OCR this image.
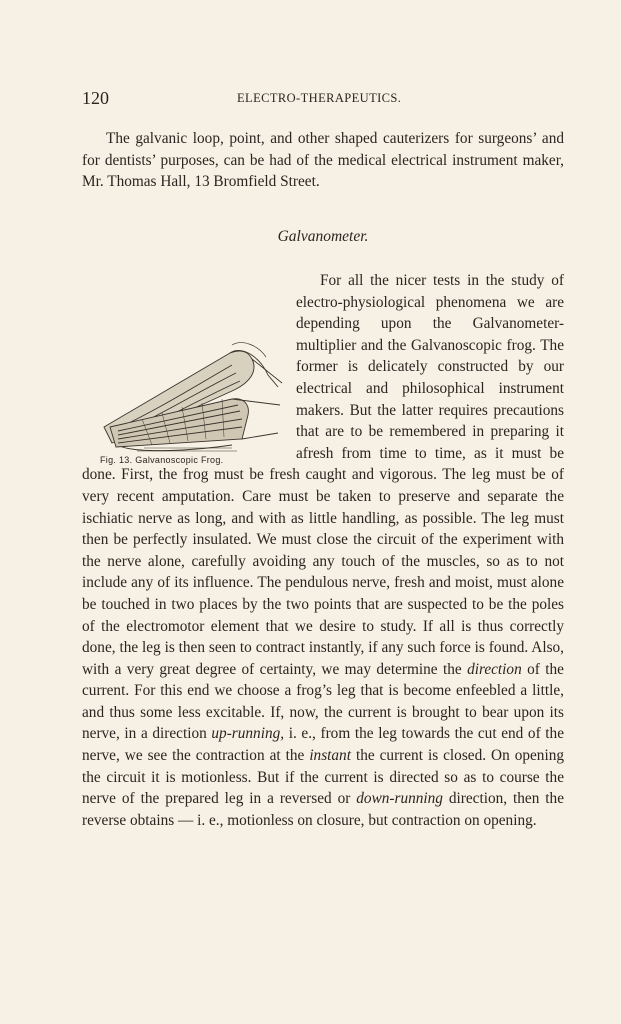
120	ELECTRO-THERAPEUTICS.

The galvanic loop, point, and other shaped cauterizers for surgeons’ and for dentists’ purposes, can be had of the medical electrical instrument maker, Mr. Thomas Hall, 13 Bromfield Street.

Galvanometer.

For all the nicer tests in the study of electro-physiological phenomena we are depending upon the Galvanometer-multiplier and the Galvanoscopic frog. The former is delicately constructed by our electrical and philosophical instrument makers. But the latter requires precautions that are to be remembered in preparing it afresh from time to time, as it must be done. First, the frog must be fresh caught and vigorous. The leg must be of very recent amputation. Care must be taken to preserve and separate the ischiatic nerve as long, and with as little handling, as possible. The leg must then be perfectly insulated. We must close the circuit of the experiment with the nerve alone, carefully avoiding any touch of the muscles, so as to not include any of its influence. The pendulous nerve, fresh and moist, must alone be touched in two places by the two points that are suspected to be the poles of the electromotor element that we desire to study. If all is thus correctly done, the leg is then seen to contract instantly, if any such force is found. Also, with a very great degree of certainty, we may determine the direction of the current. For this end we choose a frog’s leg that is become enfeebled a little, and thus some less excitable. If, now, the current is brought to bear upon its nerve, in a direction up-running, i. e., from the leg towards the cut end of the nerve, we see the contraction at the instant the current is closed. On opening the circuit it is motionless. But if the current is directed so as to course the nerve of the prepared leg in a reversed or down-running direction, then the reverse obtains — i. e., motionless on closure, but contraction on opening.

Fig. 13. Galvanoscopic Frog.
